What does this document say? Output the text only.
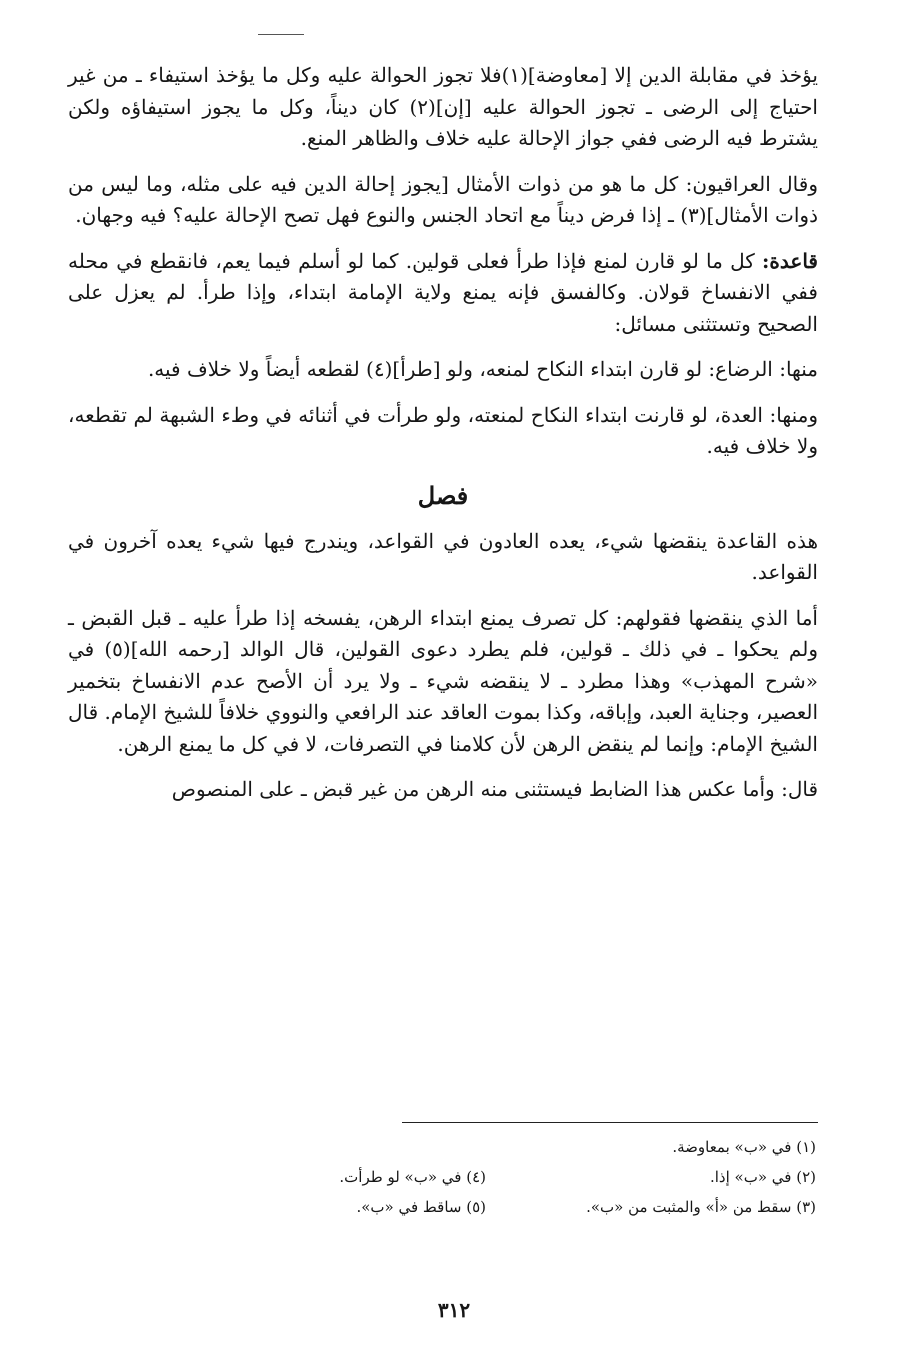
يؤخذ في مقابلة الدين إلا [معاوضة](١)فلا تجوز الحوالة عليه وكل ما يؤخذ استيفاء ـ من غير احتياج إلى الرضى ـ تجوز الحوالة عليه [إن](٢) كان ديناً، وكل ما يجوز استيفاؤه ولكن يشترط فيه الرضى ففي جواز الإحالة عليه خلاف والظاهر المنع.

وقال العراقيون: كل ما هو من ذوات الأمثال [يجوز إحالة الدين فيه على مثله، وما ليس من ذوات الأمثال](٣) ـ إذا فرض ديناً مع اتحاد الجنس والنوع فهل تصح الإحالة عليه؟ فيه وجهان.

قاعدة: كل ما لو قارن لمنع فإذا طرأ فعلى قولين. كما لو أسلم فيما يعم، فانقطع في محله ففي الانفساخ قولان. وكالفسق فإنه يمنع ولاية الإمامة ابتداء، وإذا طرأ. لم يعزل على الصحيح وتستثنى مسائل:

منها: الرضاع: لو قارن ابتداء النكاح لمنعه، ولو [طرأ](٤) لقطعه أيضاً ولا خلاف فيه.

ومنها: العدة، لو قارنت ابتداء النكاح لمنعته، ولو طرأت في أثنائه في وطء الشبهة لم تقطعه، ولا خلاف فيه.

فصل

هذه القاعدة ينقضها شيء، يعده العادون في القواعد، ويندرج فيها شيء يعده آخرون في القواعد.

أما الذي ينقضها فقولهم: كل تصرف يمنع ابتداء الرهن، يفسخه إذا طرأ عليه ـ قبل القبض ـ ولم يحكوا ـ في ذلك ـ قولين، فلم يطرد دعوى القولين، قال الوالد [رحمه الله](٥) في «شرح المهذب» وهذا مطرد ـ لا ينقضه شيء ـ ولا يرد أن الأصح عدم الانفساخ بتخمير العصير، وجناية العبد، وإباقه، وكذا بموت العاقد عند الرافعي والنووي خلافاً للشيخ الإمام. قال الشيخ الإمام: وإنما لم ينقض الرهن لأن كلامنا في التصرفات، لا في كل ما يمنع الرهن.

قال: وأما عكس هذا الضابط فيستثنى منه الرهن من غير قبض ـ على المنصوص

(١) في «ب» بمعاوضة.
(٢) في «ب» إذا.
(٣) سقط من «أ» والمثبت من «ب».
(٤) في «ب» لو طرأت.
(٥) ساقط في «ب».
٣١٢
